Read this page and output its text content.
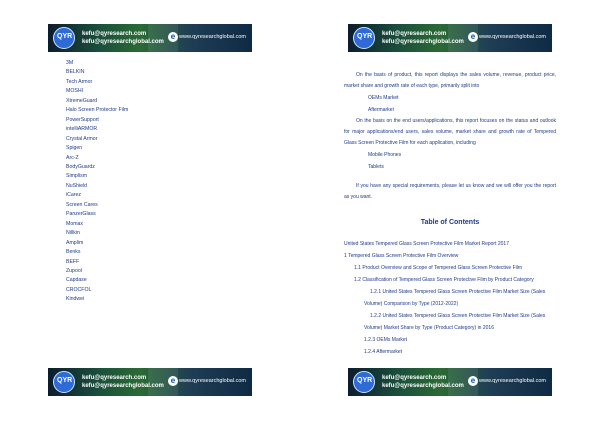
QYR kefu@qyresearch.com
kefu@qyresearchglobal.com
e www.qyresearchglobal.com
3M
BELKIN
Tech Armor
MOSHI
XtremeGuard
Halo Screen Protector Film
PowerSupport
intelliARMOR
Crystal Armor
Spigen
Arc-Z
BodyGuardz
Simplism
NuShield
iCarez
Screen Cares
PanzerGlass
Momax
Nillkin
Amplim
Benks
BEFF
Zupool
Capdase
CROCFOL
Kindwei
QYR kefu@qyresearch.com
kefu@qyresearchglobal.com
e www.qyresearchglobal.com
QYR kefu@qyresearch.com
kefu@qyresearchglobal.com
e www.qyresearchglobal.com
QYR kefu@qyresearch.com
kefu@qyresearchglobal.com
e www.qyresearchglobal.com
On the basis of product, this report displays the sales volume, revenue, product price, market share and growth rate of each type, primarily split into
OEMs Market
Aftermarket
On the basis on the end users/applications, this report focuses on the status and outlook for major applications/end users, sales volume, market share and growth rate of Tempered Glass Screen Protective Film for each application, including
Mobile Phones
Tablets
If you have any special requirements, please let us know and we will offer you the report as you want.
Table of Contents
United States Tempered Glass Screen Protective Film Market Report 2017
1 Tempered Glass Screen Protective Film Overview
1.1 Product Overview and Scope of Tempered Glass Screen Protective Film
1.2 Classification of Tempered Glass Screen Protective Film by Product Category
1.2.1 United States Tempered Glass Screen Protective Film Market Size (Sales Volume) Comparison by Type (2012-2022)
1.2.2 United States Tempered Glass Screen Protective Film Market Size (Sales Volume) Market Share by Type (Product Category) in 2016
1.2.3 OEMs Market
1.2.4 Aftermarket
